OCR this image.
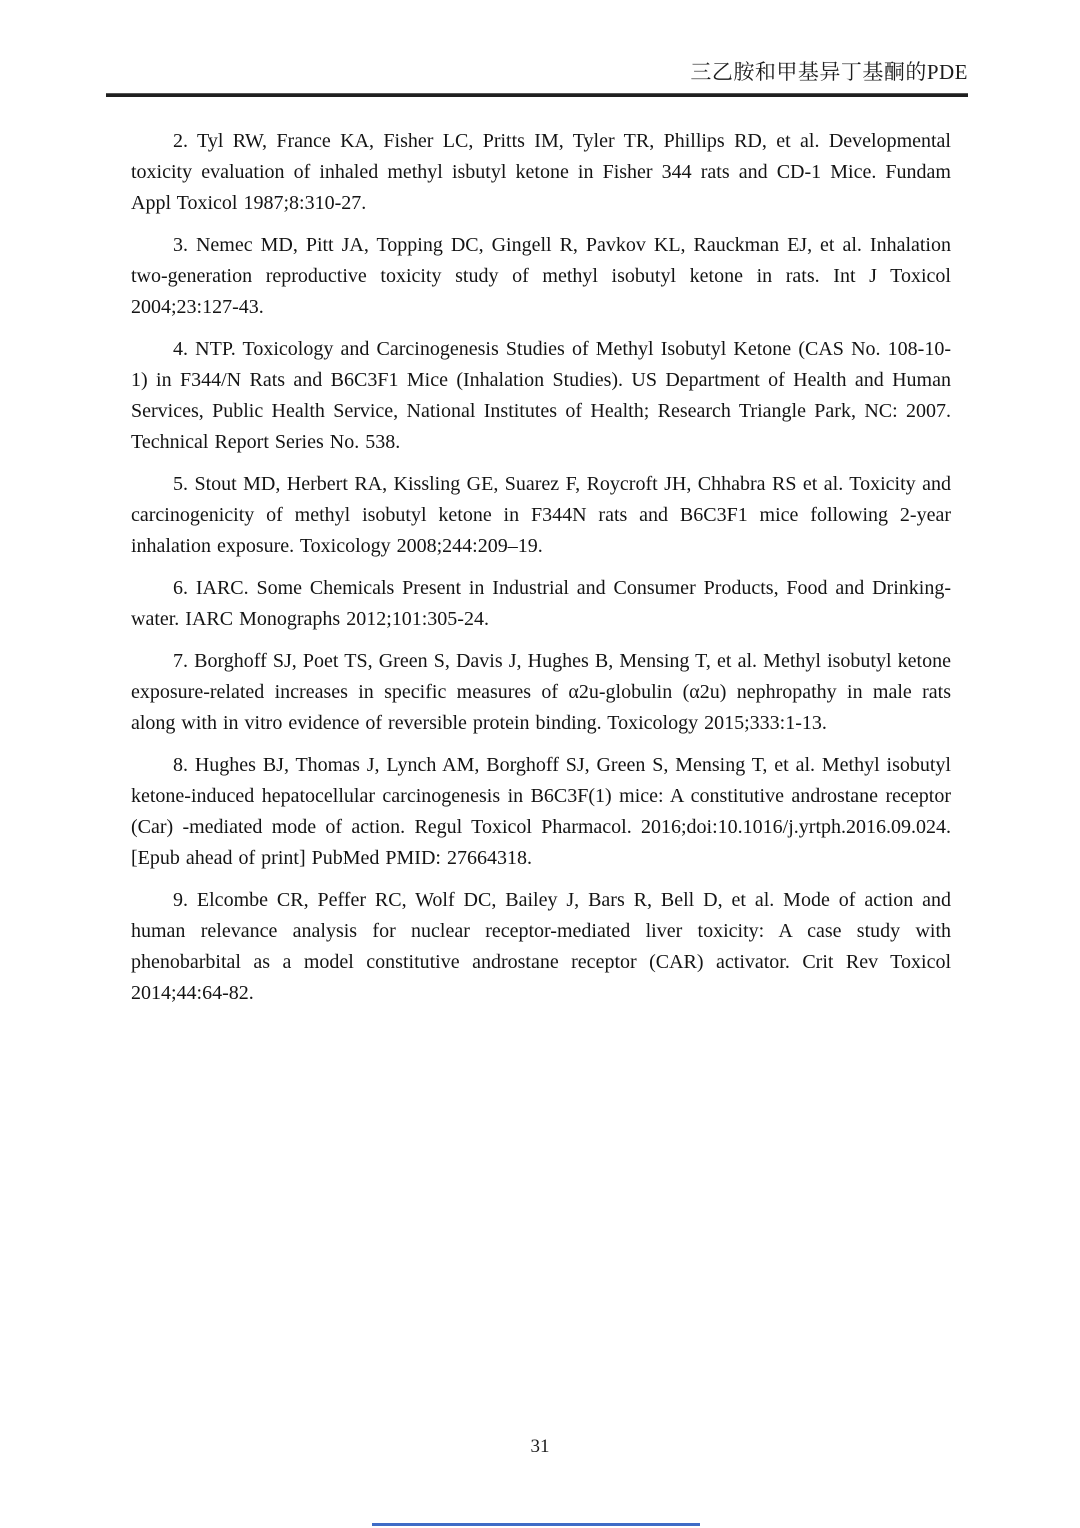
三乙胺和甲基异丁基酮的PDE

2. Tyl RW, France KA, Fisher LC, Pritts IM, Tyler TR, Phillips RD, et al. Developmental toxicity evaluation of inhaled methyl isbutyl ketone in Fisher 344 rats and CD-1 Mice. Fundam Appl Toxicol 1987;8:310-27.

3. Nemec MD, Pitt JA, Topping DC, Gingell R, Pavkov KL, Rauckman EJ, et al. Inhalation two-generation reproductive toxicity study of methyl isobutyl ketone in rats. Int J Toxicol 2004;23:127-43.

4. NTP. Toxicology and Carcinogenesis Studies of Methyl Isobutyl Ketone (CAS No. 108-10-1) in F344/N Rats and B6C3F1 Mice (Inhalation Studies). US Department of Health and Human Services, Public Health Service, National Institutes of Health; Research Triangle Park, NC: 2007. Technical Report Series No. 538.

5. Stout MD, Herbert RA, Kissling GE, Suarez F, Roycroft JH, Chhabra RS et al. Toxicity and carcinogenicity of methyl isobutyl ketone in F344N rats and B6C3F1 mice following 2-year inhalation exposure. Toxicology 2008;244:209–19.

6. IARC. Some Chemicals Present in Industrial and Consumer Products, Food and Drinking-water. IARC Monographs 2012;101:305-24.

7. Borghoff SJ, Poet TS, Green S, Davis J, Hughes B, Mensing T, et al. Methyl isobutyl ketone exposure-related increases in specific measures of α2u-globulin (α2u) nephropathy in male rats along with in vitro evidence of reversible protein binding. Toxicology 2015;333:1-13.

8. Hughes BJ, Thomas J, Lynch AM, Borghoff SJ, Green S, Mensing T, et al. Methyl isobutyl ketone-induced hepatocellular carcinogenesis in B6C3F(1) mice: A constitutive androstane receptor (Car) -mediated mode of action. Regul Toxicol Pharmacol. 2016;doi:10.1016/j.yrtph.2016.09.024. [Epub ahead of print] PubMed PMID: 27664318.

9. Elcombe CR, Peffer RC, Wolf DC, Bailey J, Bars R, Bell D, et al. Mode of action and human relevance analysis for nuclear receptor-mediated liver toxicity: A case study with phenobarbital as a model constitutive androstane receptor (CAR) activator. Crit Rev Toxicol 2014;44:64-82.

31
